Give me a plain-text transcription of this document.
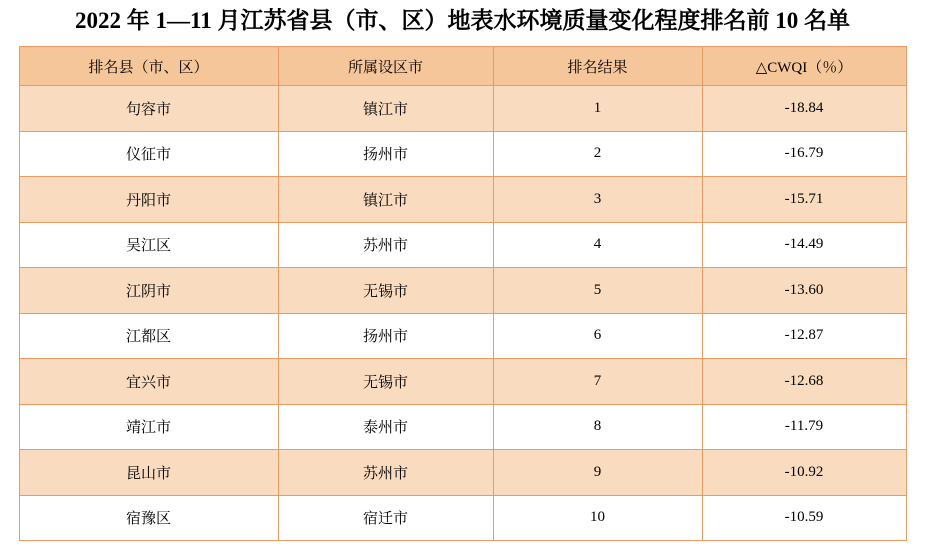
2022 年 1—11 月江苏省县（市、区）地表水环境质量变化程度排名前 10 名单
排名县（市、区）	所属设区市	排名结果	△CWQI（％）
句容市	镇江市	1	-18.84
仪征市	扬州市	2	-16.79
丹阳市	镇江市	3	-15.71
吴江区	苏州市	4	-14.49
江阴市	无锡市	5	-13.60
江都区	扬州市	6	-12.87
宜兴市	无锡市	7	-12.68
靖江市	泰州市	8	-11.79
昆山市	苏州市	9	-10.92
宿豫区	宿迁市	10	-10.59
